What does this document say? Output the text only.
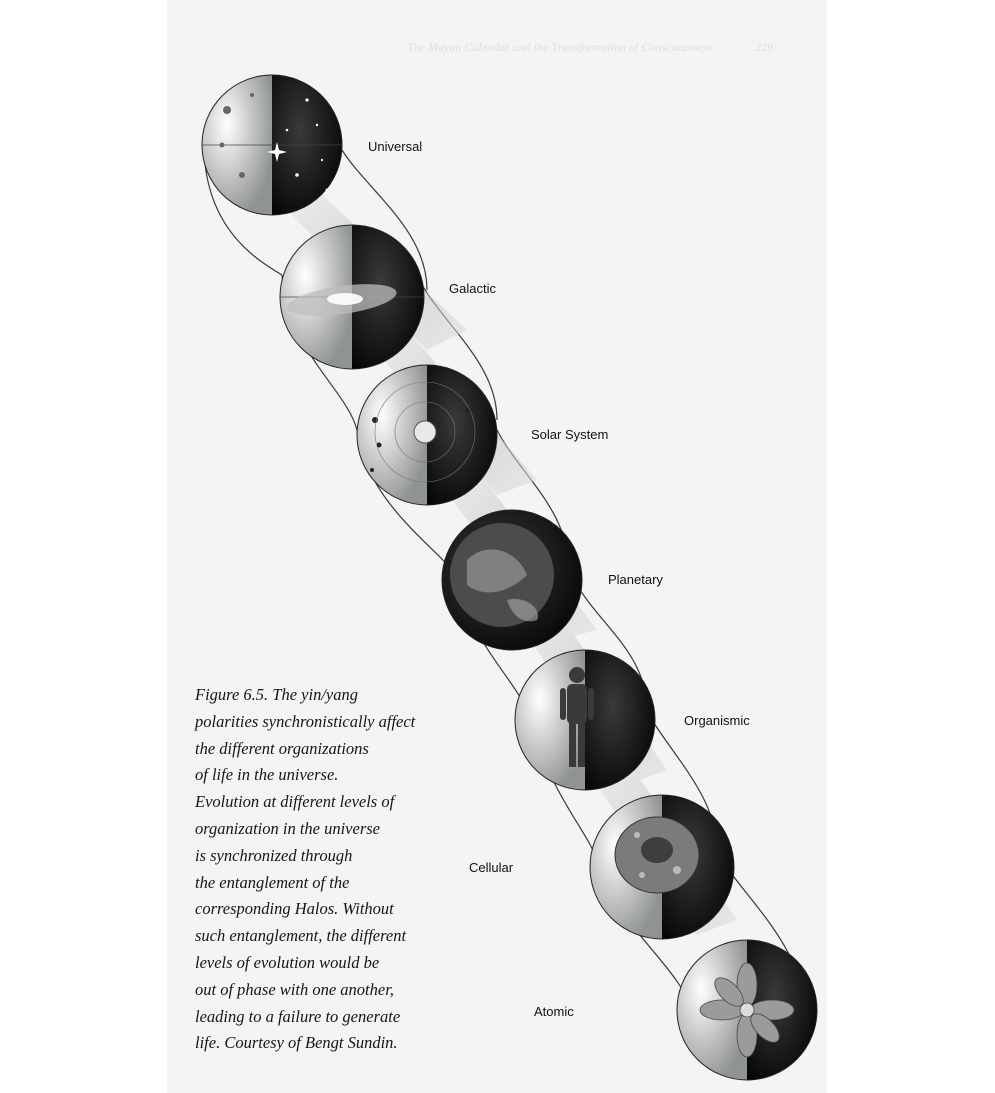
The Mayan Calendar and the Transformation of Consciousness	229
Universal
Galactic
Solar System
Planetary
Organismic
Cellular
Atomic
Figure 6.5. The yin/yang
polarities synchronistically affect
the different organizations
of life in the universe.
Evolution at different levels of
organization in the universe
is synchronized through
the entanglement of the
corresponding Halos. Without
such entanglement, the different
levels of evolution would be
out of phase with one another,
leading to a failure to generate
life. Courtesy of Bengt Sundin.
